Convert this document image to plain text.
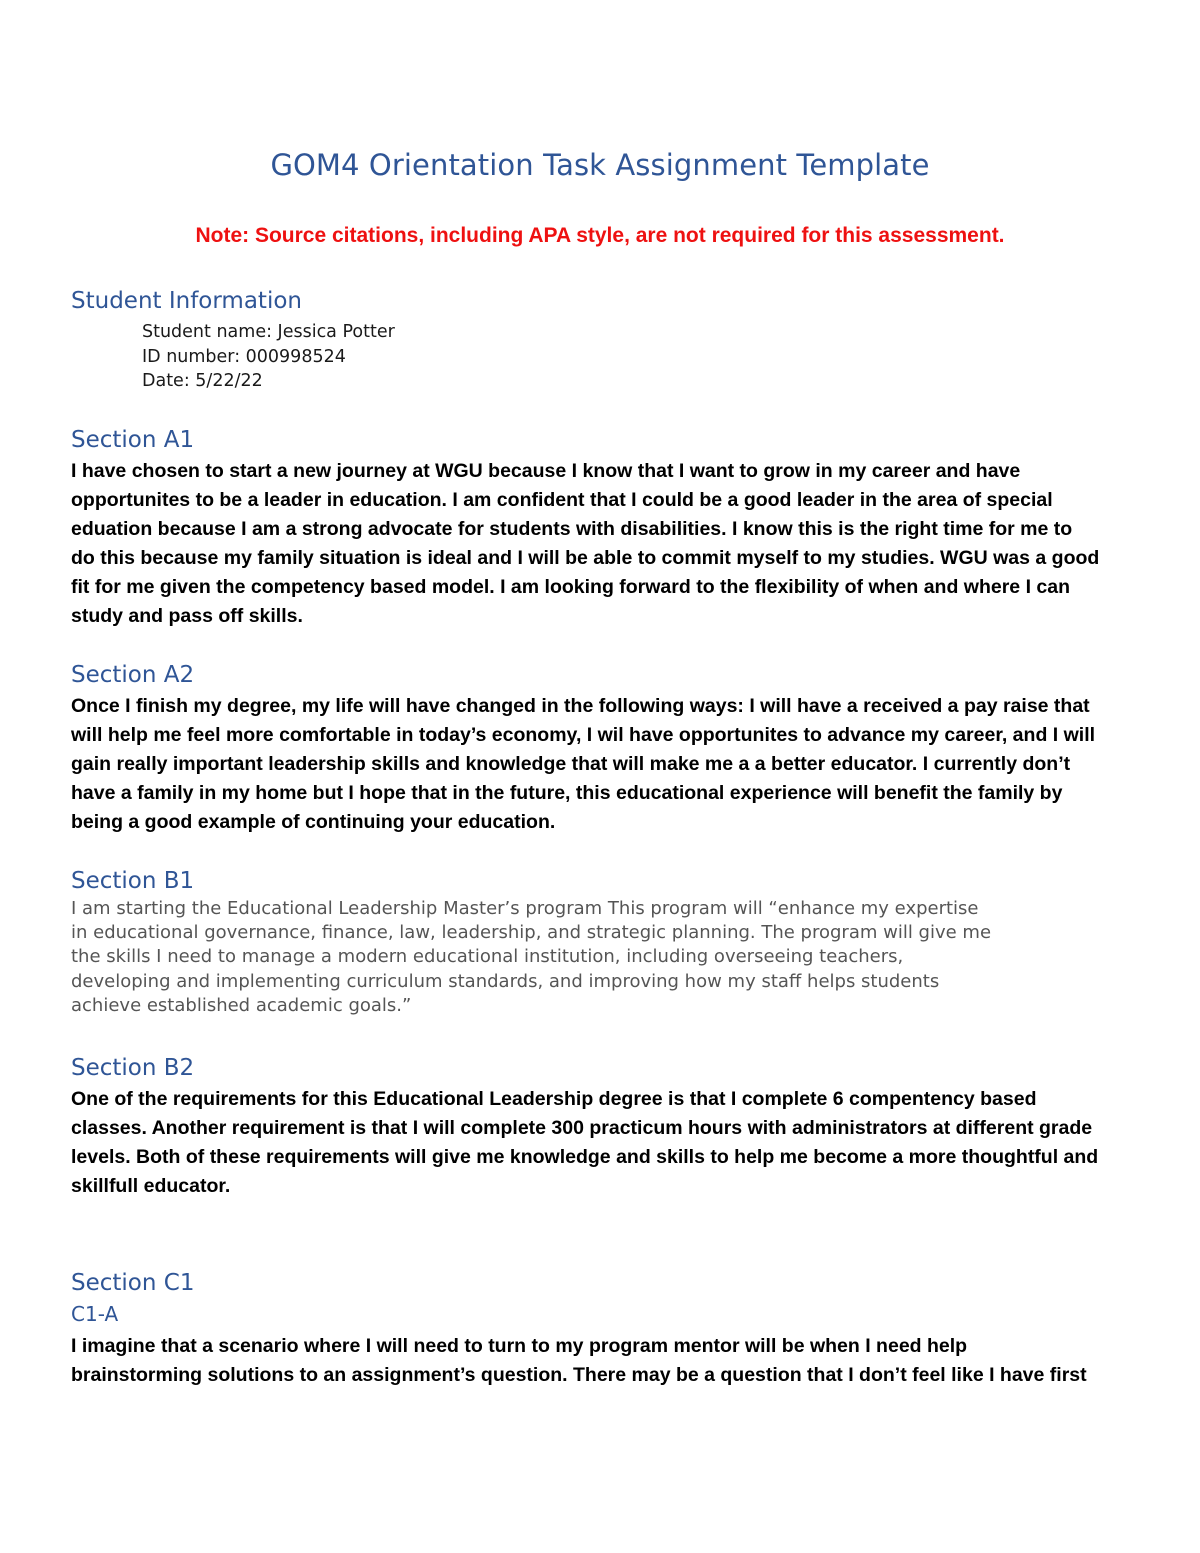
GOM4 Orientation Task Assignment Template

Note: Source citations, including APA style, are not required for this assessment.

Student Information
Student name: Jessica Potter
ID number: 000998524
Date: 5/22/22
Section A1
I have chosen to start a new journey at WGU because I know that I want to grow in my career and have
opportunites to be a leader in education. I am confident that I could be a good leader in the area of special
eduation because I am a strong advocate for students with disabilities. I know this is the right time for me to
do this because my family situation is ideal and I will be able to commit myself to my studies. WGU was a good
fit for me given the competency based model. I am looking forward to the flexibility of when and where I can
study and pass off skills.
Section A2
Once I finish my degree, my life will have changed in the following ways: I will have a received a pay raise that
will help me feel more comfortable in today’s economy, I wil have opportunites to advance my career, and I will
gain really important leadership skills and knowledge that will make me a a better educator. I currently don’t
have a family in my home but I hope that in the future, this educational experience will benefit the family by
being a good example of continuing your education.
Section B1
I am starting the Educational Leadership Master’s program This program will “enhance my expertise
in educational governance, finance, law, leadership, and strategic planning. The program will give me
the skills I need to manage a modern educational institution, including overseeing teachers,
developing and implementing curriculum standards, and improving how my staff helps students
achieve established academic goals.”
Section B2
One of the requirements for this Educational Leadership degree is that I complete 6 compentency based
classes. Another requirement is that I will complete 300 practicum hours with administrators at different grade
levels. Both of these requirements will give me knowledge and skills to help me become a more thoughtful and
skillfull educator.
Section C1
C1-A
I imagine that a scenario where I will need to turn to my program mentor will be when I need help
brainstorming solutions to an assignment’s question. There may be a question that I don’t feel like I have first
